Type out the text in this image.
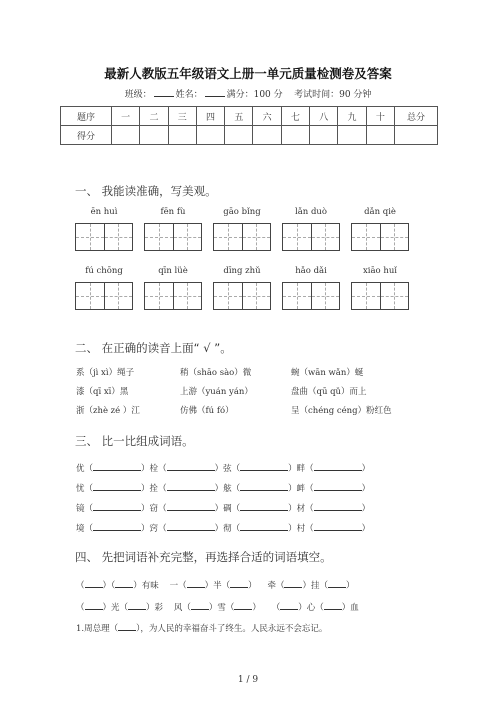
最新人教版五年级语文上册一单元质量检测卷及答案
班级：	姓名：	满分：100 分 考试时间：90 分钟
题序	一	二	三	四	五	六	七	八	九	十	总分
得分											
一、 我能读准确，写美观。
ēn huì	fēn fù	gāo bǐng	lǎn duò	dǎn qiè
fú chōng	qīn lüè	dīng zhǔ	hǎo dǎi	xiāo huǐ
二、 在正确的读音上面“ √ ”。
系（jì xì）绳子	稍（shāo sào）微	蜿（wān wǎn）蜒
漆（qī xī）黑	上游（yuán yán）	盘曲（qū qǔ）而上
浙（zhè zé ）江	仿佛（fú fó）	呈（chéng céng）粉红色
三、 比一比组成词语。
优（	）栓（	）弦（	）畔（	）
忧（	）拴（	）舷（	）衅（	）
镜（	）窃（	）碉（	）材（	）
境（	）窍（	）彻（	）村（	）
四、 先把词语补充完整，再选择合适的词语填空。
（ ）（ ）有味 一（ ）半（ ） 牵（ ）挂（ ）
（ ）光（ ）彩 风（ ）雪（ ） （ ）心（ ）血
1.周总理（ ），为人民的幸福奋斗了终生。人民永远不会忘记。
1 / 9
